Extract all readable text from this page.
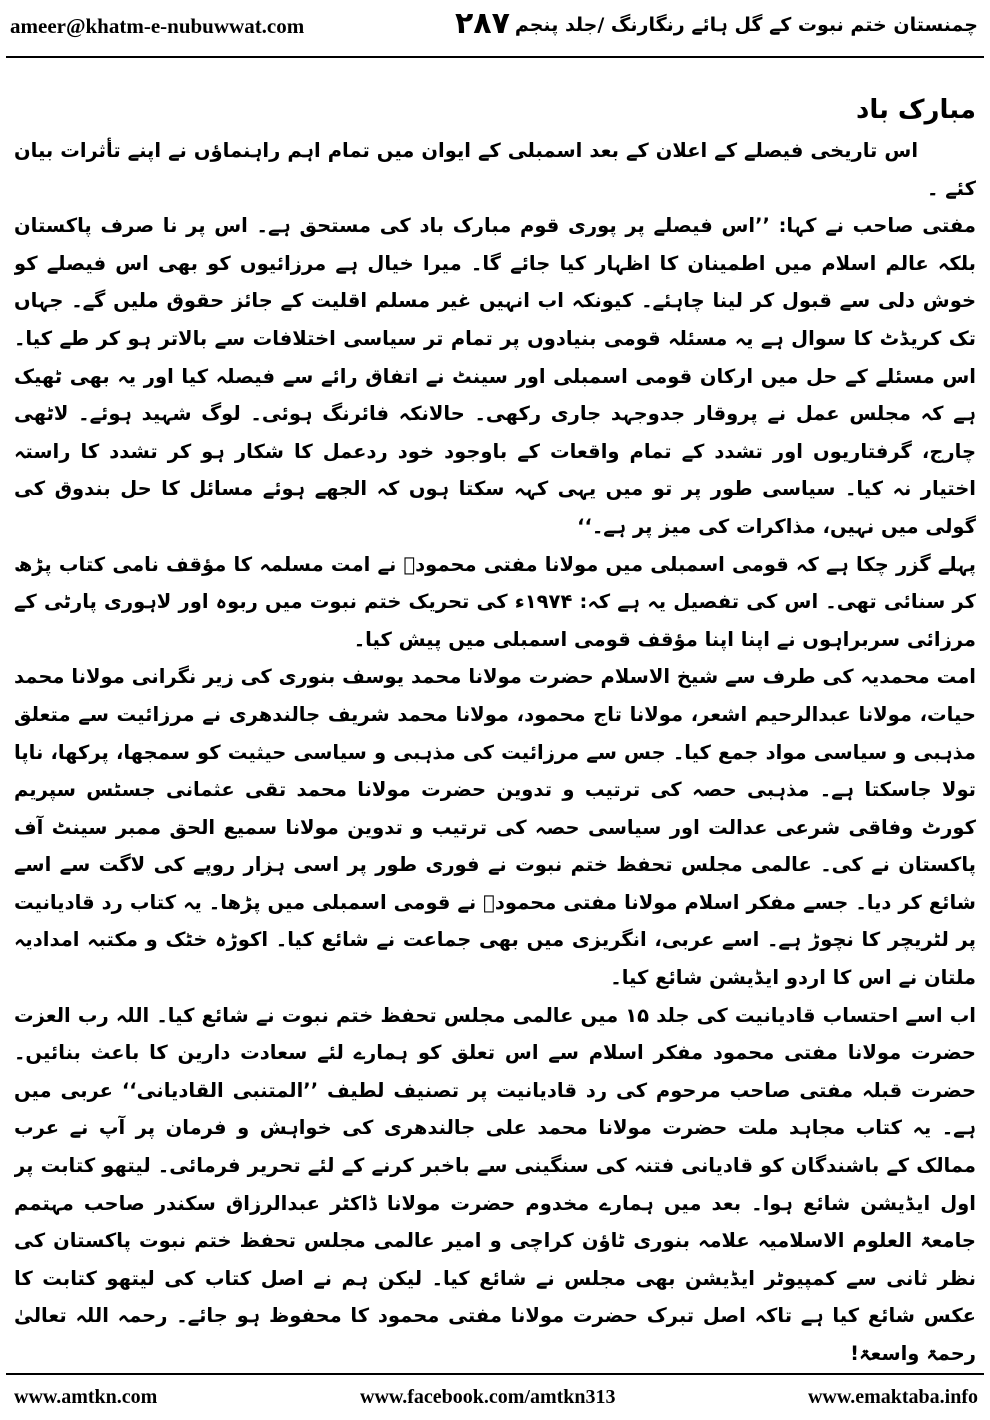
ameer@khatm-e-nubuwwat.com	۲۸۷ چمنستان ختم نبوت کے گل ہائے رنگارنگ /جلد پنجم
مبارک باد

اس تاریخی فیصلے کے اعلان کے بعد اسمبلی کے ایوان میں تمام اہم راہنماؤں نے اپنے تأثرات بیان کئے ۔

مفتی صاحب نے کہا: ’’اس فیصلے پر پوری قوم مبارک باد کی مستحق ہے۔ اس پر نا صرف پاکستان بلکہ عالم اسلام میں اطمینان کا اظہار کیا جائے گا۔ میرا خیال ہے مرزائیوں کو بھی اس فیصلے کو خوش دلی سے قبول کر لینا چاہئے۔ کیونکہ اب انہیں غیر مسلم اقلیت کے جائز حقوق ملیں گے۔ جہاں تک کریڈٹ کا سوال ہے یہ مسئلہ قومی بنیادوں پر تمام تر سیاسی اختلافات سے بالاتر ہو کر طے کیا۔ اس مسئلے کے حل میں ارکان قومی اسمبلی اور سینٹ نے اتفاق رائے سے فیصلہ کیا اور یہ بھی ٹھیک ہے کہ مجلس عمل نے پروقار جدوجہد جاری رکھی۔ حالانکہ فائرنگ ہوئی۔ لوگ شہید ہوئے۔ لاٹھی چارج، گرفتاریوں اور تشدد کے تمام واقعات کے باوجود خود ردعمل کا شکار ہو کر تشدد کا راستہ اختیار نہ کیا۔ سیاسی طور پر تو میں یہی کہہ سکتا ہوں کہ الجھے ہوئے مسائل کا حل بندوق کی گولی میں نہیں، مذاکرات کی میز پر ہے۔‘‘

پہلے گزر چکا ہے کہ قومی اسمبلی میں مولانا مفتی محمودؒ نے امت مسلمہ کا مؤقف نامی کتاب پڑھ کر سنائی تھی۔ اس کی تفصیل یہ ہے کہ: ۱۹۷۴ء کی تحریک ختم نبوت میں ربوہ اور لاہوری پارٹی کے مرزائی سربراہوں نے اپنا اپنا مؤقف قومی اسمبلی میں پیش کیا۔

امت محمدیہ کی طرف سے شیخ الاسلام حضرت مولانا محمد یوسف بنوری کی زیر نگرانی مولانا محمد حیات، مولانا عبدالرحیم اشعر، مولانا تاج محمود، مولانا محمد شریف جالندھری نے مرزائیت سے متعلق مذہبی و سیاسی مواد جمع کیا۔ جس سے مرزائیت کی مذہبی و سیاسی حیثیت کو سمجھا، پرکھا، ناپا تولا جاسکتا ہے۔ مذہبی حصہ کی ترتیب و تدوین حضرت مولانا محمد تقی عثمانی جسٹس سپریم کورٹ وفاقی شرعی عدالت اور سیاسی حصہ کی ترتیب و تدوین مولانا سمیع الحق ممبر سینٹ آف پاکستان نے کی۔ عالمی مجلس تحفظ ختم نبوت نے فوری طور پر اسی ہزار روپے کی لاگت سے اسے شائع کر دیا۔ جسے مفکر اسلام مولانا مفتی محمودؒ نے قومی اسمبلی میں پڑھا۔ یہ کتاب رد قادیانیت پر لٹریچر کا نچوڑ ہے۔ اسے عربی، انگریزی میں بھی جماعت نے شائع کیا۔ اکوڑہ خٹک و مکتبہ امدادیہ ملتان نے اس کا اردو ایڈیشن شائع کیا۔

اب اسے احتساب قادیانیت کی جلد ۱۵ میں عالمی مجلس تحفظ ختم نبوت نے شائع کیا۔ اللہ رب العزت حضرت مولانا مفتی محمود مفکر اسلام سے اس تعلق کو ہمارے لئے سعادت دارین کا باعث بنائیں۔ حضرت قبلہ مفتی صاحب مرحوم کی رد قادیانیت پر تصنیف لطیف ’’المتنبی القادیانی‘‘ عربی میں ہے۔ یہ کتاب مجاہد ملت حضرت مولانا محمد علی جالندھری کی خواہش و فرمان پر آپ نے عرب ممالک کے باشندگان کو قادیانی فتنہ کی سنگینی سے باخبر کرنے کے لئے تحریر فرمائی۔ لیتھو کتابت پر اول ایڈیشن شائع ہوا۔ بعد میں ہمارے مخدوم حضرت مولانا ڈاکٹر عبدالرزاق سکندر صاحب مہتمم جامعۃ العلوم الاسلامیہ علامہ بنوری ٹاؤن کراچی و امیر عالمی مجلس تحفظ ختم نبوت پاکستان کی نظر ثانی سے کمپیوٹر ایڈیشن بھی مجلس نے شائع کیا۔ لیکن ہم نے اصل کتاب کی لیتھو کتابت کا عکس شائع کیا ہے تاکہ اصل تبرک حضرت مولانا مفتی محمود کا محفوظ ہو جائے۔ رحمہ اللہ تعالیٰ رحمۃ واسعۃ!

www.amtkn.com	www.facebook.com/amtkn313	www.emaktaba.info
